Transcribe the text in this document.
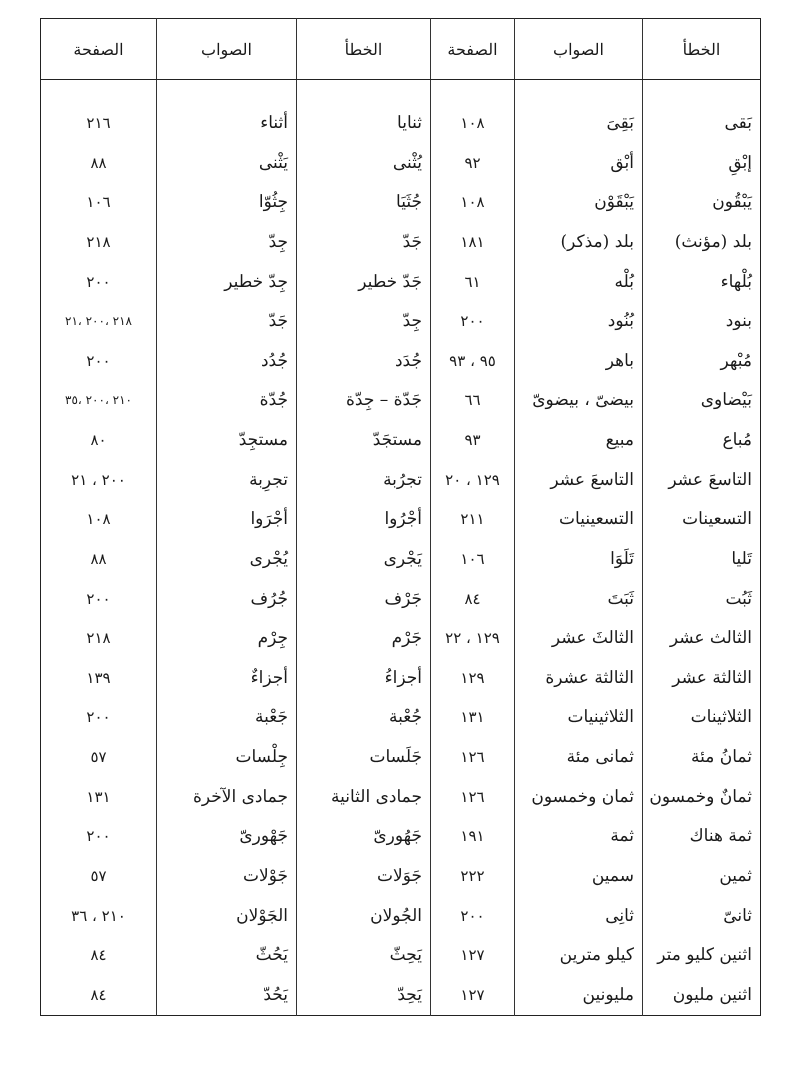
الخطأ	الصواب	الصفحة	الخطأ	الصواب	الصفحة

بَقى	بَقِىَ	١٠٨	ثنايا	أثناء	٢١٦
إبْقِ	أبْق	٩٢	يُثْنى	يَثْنى	٨٨
يَبْقُون	يَبْقَوْن	١٠٨	جُثَيَا	جِثُوّا	١٠٦
بلد (مؤنث)	بلد (مذكر)	١٨١	جَدّ	جِدّ	٢١٨
بُلْهاء	بُلْه	٦١	جَدّ خطير	جِدّ خطير	٢٠٠
بنود	بُنُود	٢٠٠	جِدّ	جَدّ	٢١٨ ،٢٠٠ ،٢١
مُبْهر	باهر	٩٥ ، ٩٣	جُدَد	جُدُد	٢٠٠
بَيْضاوى	بيضىّ ، بيضوىّ	٦٦	جَدّة – جِدّة	جُدّة	٢١٠ ،٢٠٠ ،٣٥
مُباع	مبيع	٩٣	مستجَدّ	مستجِدّ	٨٠
التاسعَ عشر	التاسعَ عشر	١٢٩ ، ٢٠	تجرُبة	تجرِبة	٢٠٠ ، ٢١
التسعينات	التسعينيات	٢١١	أجْرُوا	أجْرَوا	١٠٨
تَليا	تَلَوَا	١٠٦	يَجْرى	يُجْرى	٨٨
ثَبُت	ثَبَتَ	٨٤	جَرْف	جُرُف	٢٠٠
الثالث عشر	الثالثَ عشر	١٢٩ ، ٢٢	جَرْم	جِرْم	٢١٨
الثالثة عشر	الثالثة عشرة	١٢٩	أجزاءُ	أجزاءٌ	١٣٩
الثلاثينات	الثلاثينيات	١٣١	جُعْبة	جَعْبة	٢٠٠
ثمانُ مئة	ثمانى مئة	١٢٦	جَلَسات	جِلْسات	٥٧
ثمانٌ وخمسون	ثمان وخمسون	١٢٦	جمادى الثانية	جمادى الآخرة	١٣١
ثمة هناك	ثمة	١٩١	جَهُورىّ	جَهْورىّ	٢٠٠
ثمين	سمين	٢٢٢	جَوَلات	جَوْلات	٥٧
ثانىّ	ثانِى	٢٠٠	الجُولان	الجَوْلان	٢١٠ ، ٣٦
اثنين كليو متر	كيلو مترين	١٢٧	يَحِثّ	يَحُثّ	٨٤
اثنين مليون	مليونين	١٢٧	يَحِدّ	يَحُدّ	٨٤
